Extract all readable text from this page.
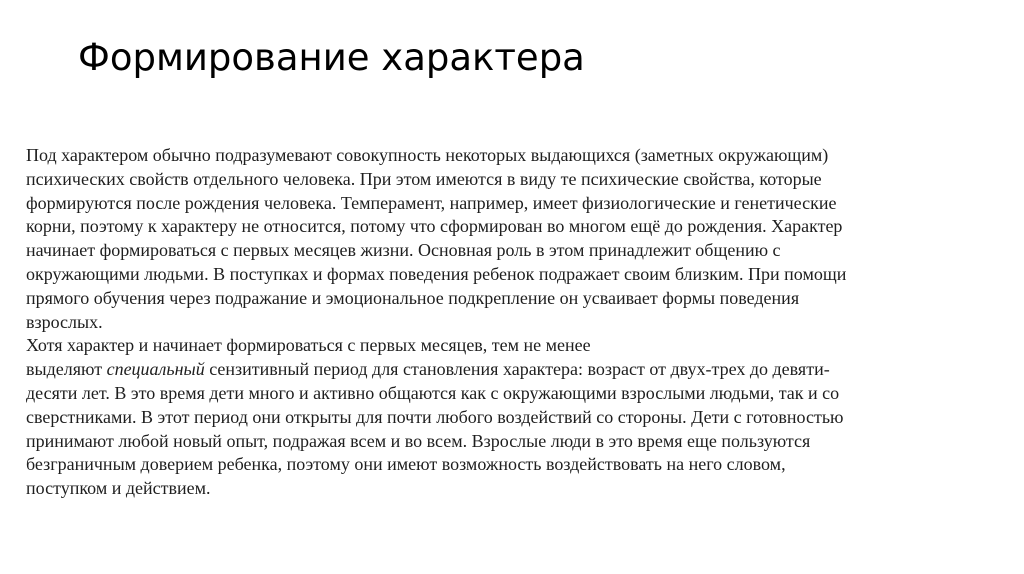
Формирование характера
Под характером обычно подразумевают совокупность некоторых выдающихся (заметных окружающим)
психических свойств отдельного человека. При этом имеются в виду те психические свойства, которые
формируются после рождения человека. Темперамент, например, имеет физиологические и генетические
корни, поэтому к характеру не относится, потому что сформирован во многом ещё до рождения. Характер
начинает формироваться с первых месяцев жизни. Основная роль в этом принадлежит общению с
окружающими людьми. В поступках и формах поведения ребенок подражает своим близким. При помощи
прямого обучения через подражание и эмоциональное подкрепление он усваивает формы поведения
взрослых.
Хотя характер и начинает формироваться с первых месяцев, тем не менее
выделяют специальный сензитивный период для становления характера: возраст от двух-трех до девяти-
десяти лет. В это время дети много и активно общаются как с окружающими взрослыми людьми, так и со
сверстниками. В этот период они открыты для почти любого воздействий со стороны. Дети с готовностью
принимают любой новый опыт, подражая всем и во всем. Взрослые люди в это время еще пользуются
безграничным доверием ребенка, поэтому они имеют возможность воздействовать на него словом,
поступком и действием.
